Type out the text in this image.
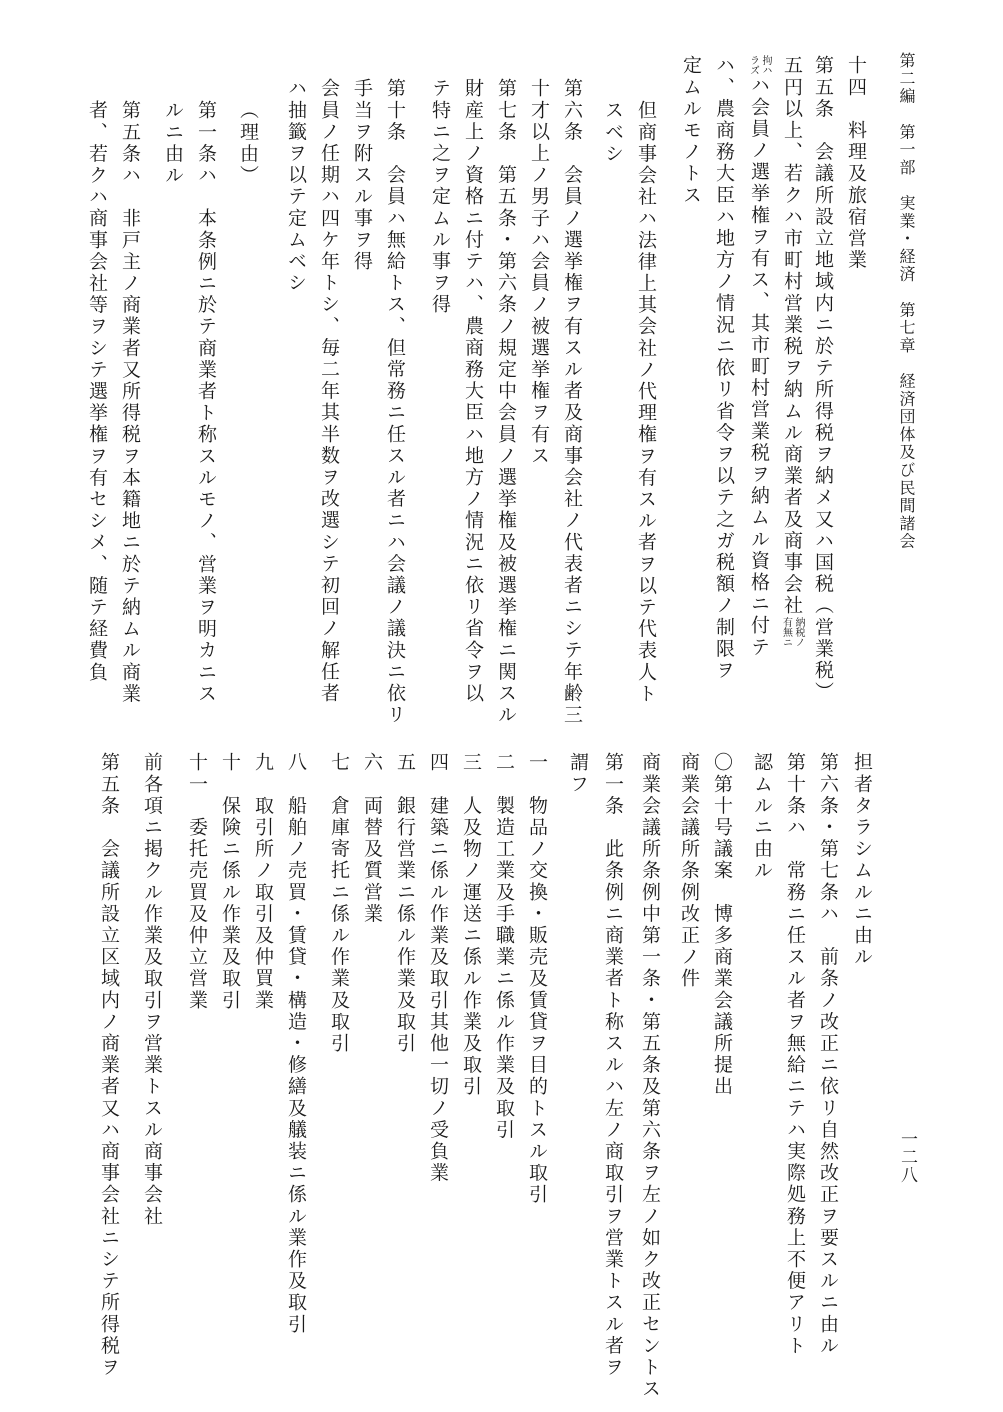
第二編　第一部　実業・経済　第七章　経済団体及び民間諸会
一二八
十四　料理及旅宿営業
第五条　会議所設立地域内ニ於テ所得税ヲ納メ又ハ国税（営業税）
五円以上、若クハ市町村営業税ヲ納ムル商業者及商事会社
納税ノ
有無ニ
拘ハ
ラズ
ハ会員ノ選挙権ヲ有ス、其市町村営業税ヲ納ムル資格ニ付テ
ハ、農商務大臣ハ地方ノ情況ニ依リ省令ヲ以テ之ガ税額ノ制限ヲ
定ムルモノトス
但商事会社ハ法律上其会社ノ代理権ヲ有スル者ヲ以テ代表人ト
スベシ
第六条　会員ノ選挙権ヲ有スル者及商事会社ノ代表者ニシテ年齢三
十才以上ノ男子ハ会員ノ被選挙権ヲ有ス
第七条　第五条・第六条ノ規定中会員ノ選挙権及被選挙権ニ関スル
財産上ノ資格ニ付テハ、農商務大臣ハ地方ノ情況ニ依リ省令ヲ以
テ特ニ之ヲ定ムル事ヲ得
第十条　会員ハ無給トス、但常務ニ任スル者ニハ会議ノ議決ニ依リ
手当ヲ附スル事ヲ得
会員ノ任期ハ四ケ年トシ、毎二年其半数ヲ改選シテ初回ノ解任者
ハ抽籤ヲ以テ定ムベシ
（理由）
第一条ハ　本条例ニ於テ商業者ト称スルモノ、営業ヲ明カニス
ルニ由ル
第五条ハ　非戸主ノ商業者又所得税ヲ本籍地ニ於テ納ムル商業
者、若クハ商事会社等ヲシテ選挙権ヲ有セシメ、随テ経費負
担者タラシムルニ由ル
第六条・第七条ハ　前条ノ改正ニ依リ自然改正ヲ要スルニ由ル
第十条ハ　常務ニ任スル者ヲ無給ニテハ実際処務上不便アリト
認ムルニ由ル
〇第十号議案　博多商業会議所提出
商業会議所条例改正ノ件
商業会議所条例中第一条・第五条及第六条ヲ左ノ如ク改正セントス
第一条　此条例ニ商業者ト称スルハ左ノ商取引ヲ営業トスル者ヲ
謂フ
一　物品ノ交換・販売及賃貸ヲ目的トスル取引
二　製造工業及手職業ニ係ル作業及取引
三　人及物ノ運送ニ係ル作業及取引
四　建築ニ係ル作業及取引其他一切ノ受負業
五　銀行営業ニ係ル作業及取引
六　両替及質営業
七　倉庫寄托ニ係ル作業及取引
八　船舶ノ売買・賃貸・構造・修繕及艤装ニ係ル業作及取引
九　取引所ノ取引及仲買業
十　保険ニ係ル作業及取引
十一　委托売買及仲立営業
前各項ニ掲クル作業及取引ヲ営業トスル商事会社
第五条　会議所設立区域内ノ商業者又ハ商事会社ニシテ所得税ヲ
